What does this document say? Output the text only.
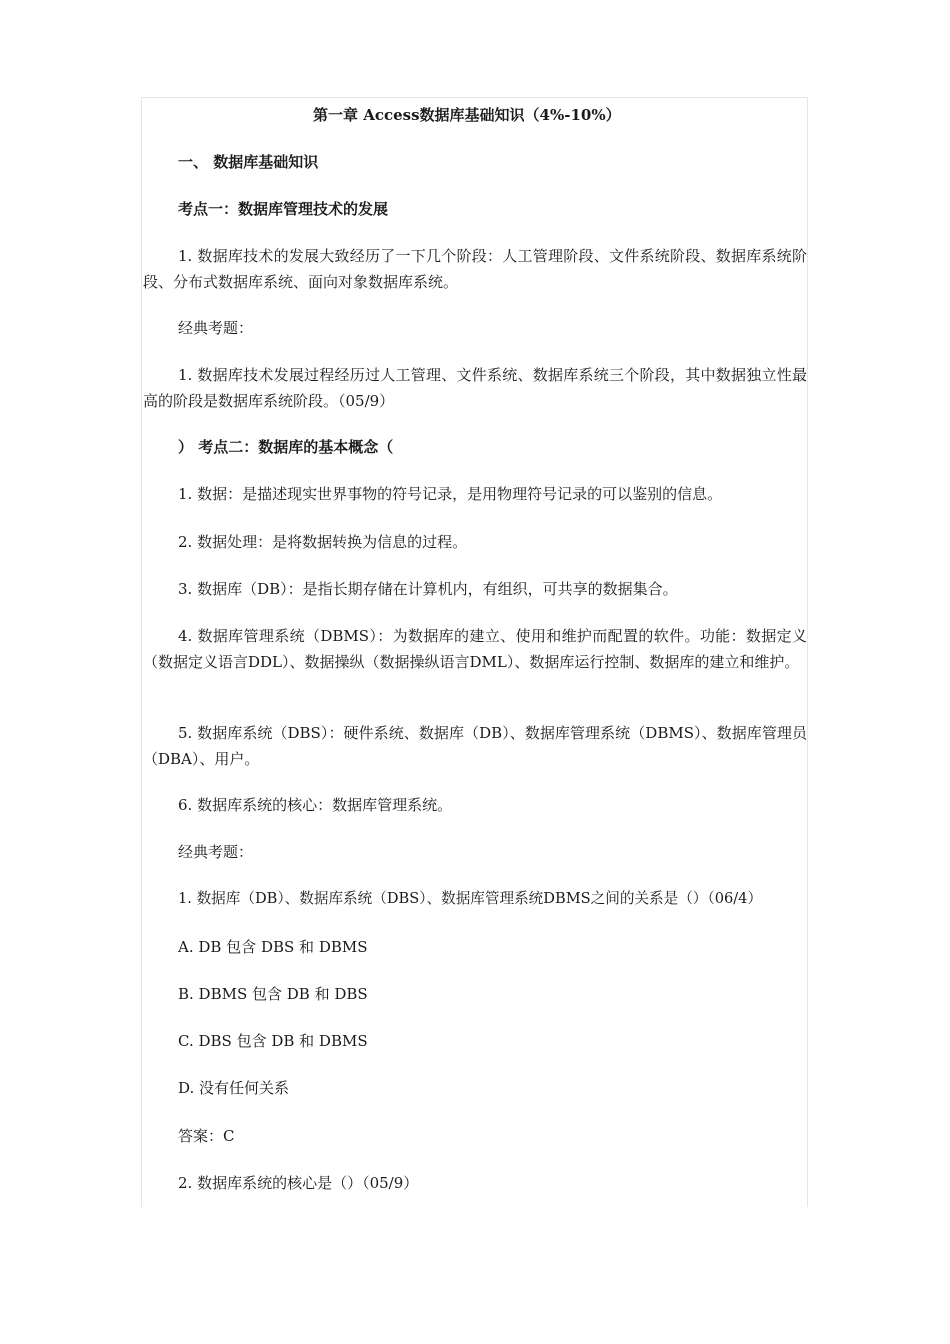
第一章 Access数据库基础知识（4%-10%）
一、 数据库基础知识
考点一：数据库管理技术的发展
1. 数据库技术的发展大致经历了一下几个阶段：人工管理阶段、文件系统阶段、数据库系统阶段、分布式数据库系统、面向对象数据库系统。
经典考题：
1. 数据库技术发展过程经历过人工管理、文件系统、数据库系统三个阶段，其中数据独立性最高的阶段是数据库系统阶段。（05/9）
） 考点二：数据库的基本概念（
1. 数据：是描述现实世界事物的符号记录，是用物理符号记录的可以鉴别的信息。
2. 数据处理：是将数据转换为信息的过程。
3. 数据库（DB）：是指长期存储在计算机内，有组织，可共享的数据集合。
4. 数据库管理系统（DBMS）：为数据库的建立、使用和维护而配置的软件。功能：数据定义（数据定义语言DDL）、数据操纵（数据操纵语言DML）、数据库运行控制、数据库的建立和维护。
5. 数据库系统（DBS）：硬件系统、数据库（DB）、数据库管理系统（DBMS）、数据库管理员（DBA）、用户。
6. 数据库系统的核心：数据库管理系统。
经典考题：
1. 数据库（DB）、数据库系统（DBS）、数据库管理系统DBMS之间的关系是（）（06/4）
A. DB 包含 DBS 和 DBMS
B. DBMS 包含 DB 和 DBS
C. DBS 包含 DB 和 DBMS
D. 没有任何关系
答案：C
2. 数据库系统的核心是（）（05/9）
